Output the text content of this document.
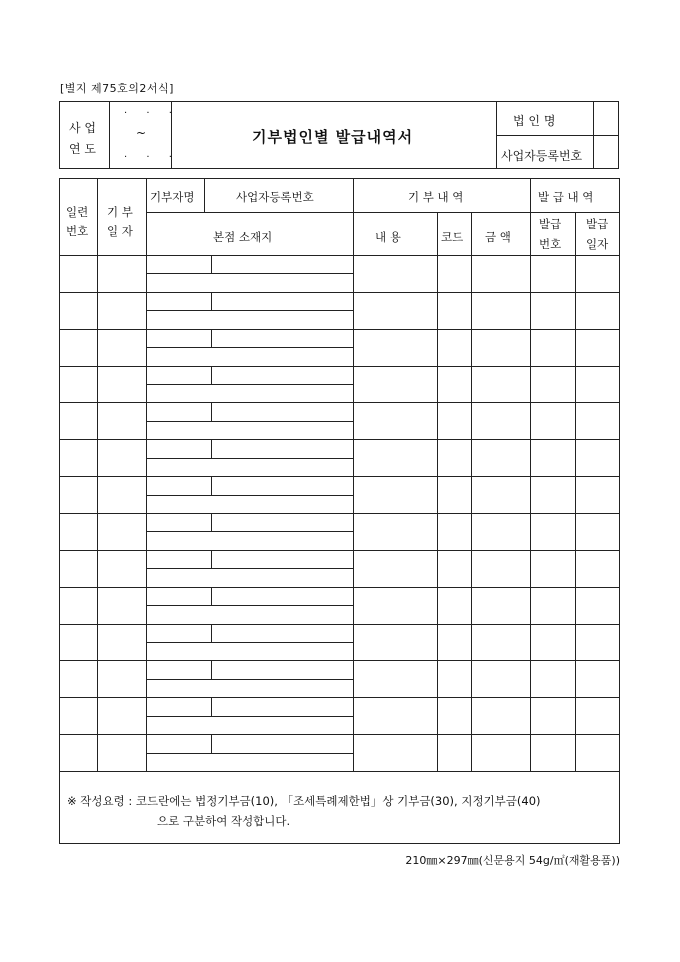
[별지 제75호의2서식]
사 업
연 도
· · ·
~
· · ·
기부법인별 발급내역서
법 인 명
사업자등록번호
일련
번호
기 부
일 자
기부자명	사업자등록번호
본점 소재지
기 부 내 역
내 용	코드 금 액
발 급 내 역
발급
번호
발급
일자
※ 작성요령 : 코드란에는 법정기부금(10), 「조세특례제한법」상 기부금(30), 지정기부금(40)
으로 구분하여 작성합니다.
210㎜×297㎜(신문용지 54g/㎡(재활용품))
